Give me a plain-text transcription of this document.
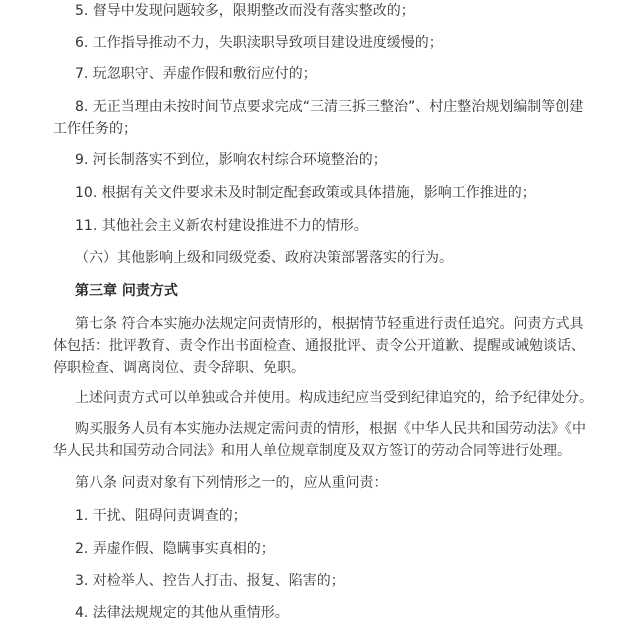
5. 督导中发现问题较多，限期整改而没有落实整改的；

6. 工作指导推动不力，失职渎职导致项目建设进度缓慢的；

7. 玩忽职守、弄虚作假和敷衍应付的；

8. 无正当理由未按时间节点要求完成“三清三拆三整治”、村庄整治规划编制等创建工作任务的；

9. 河长制落实不到位，影响农村综合环境整治的；

10. 根据有关文件要求未及时制定配套政策或具体措施，影响工作推进的；

11. 其他社会主义新农村建设推进不力的情形。

（六）其他影响上级和同级党委、政府决策部署落实的行为。

第三章 问责方式

第七条 符合本实施办法规定问责情形的，根据情节轻重进行责任追究。问责方式具体包括：批评教育、责令作出书面检查、通报批评、责令公开道歉、提醒或诫勉谈话、停职检查、调离岗位、责令辞职、免职。

上述问责方式可以单独或合并使用。构成违纪应当受到纪律追究的，给予纪律处分。

购买服务人员有本实施办法规定需问责的情形，根据《中华人民共和国劳动法》《中华人民共和国劳动合同法》和用人单位规章制度及双方签订的劳动合同等进行处理。

第八条 问责对象有下列情形之一的，应从重问责：

1. 干扰、阻碍问责调查的；

2. 弄虚作假、隐瞒事实真相的；

3. 对检举人、控告人打击、报复、陷害的；

4. 法律法规规定的其他从重情形。
